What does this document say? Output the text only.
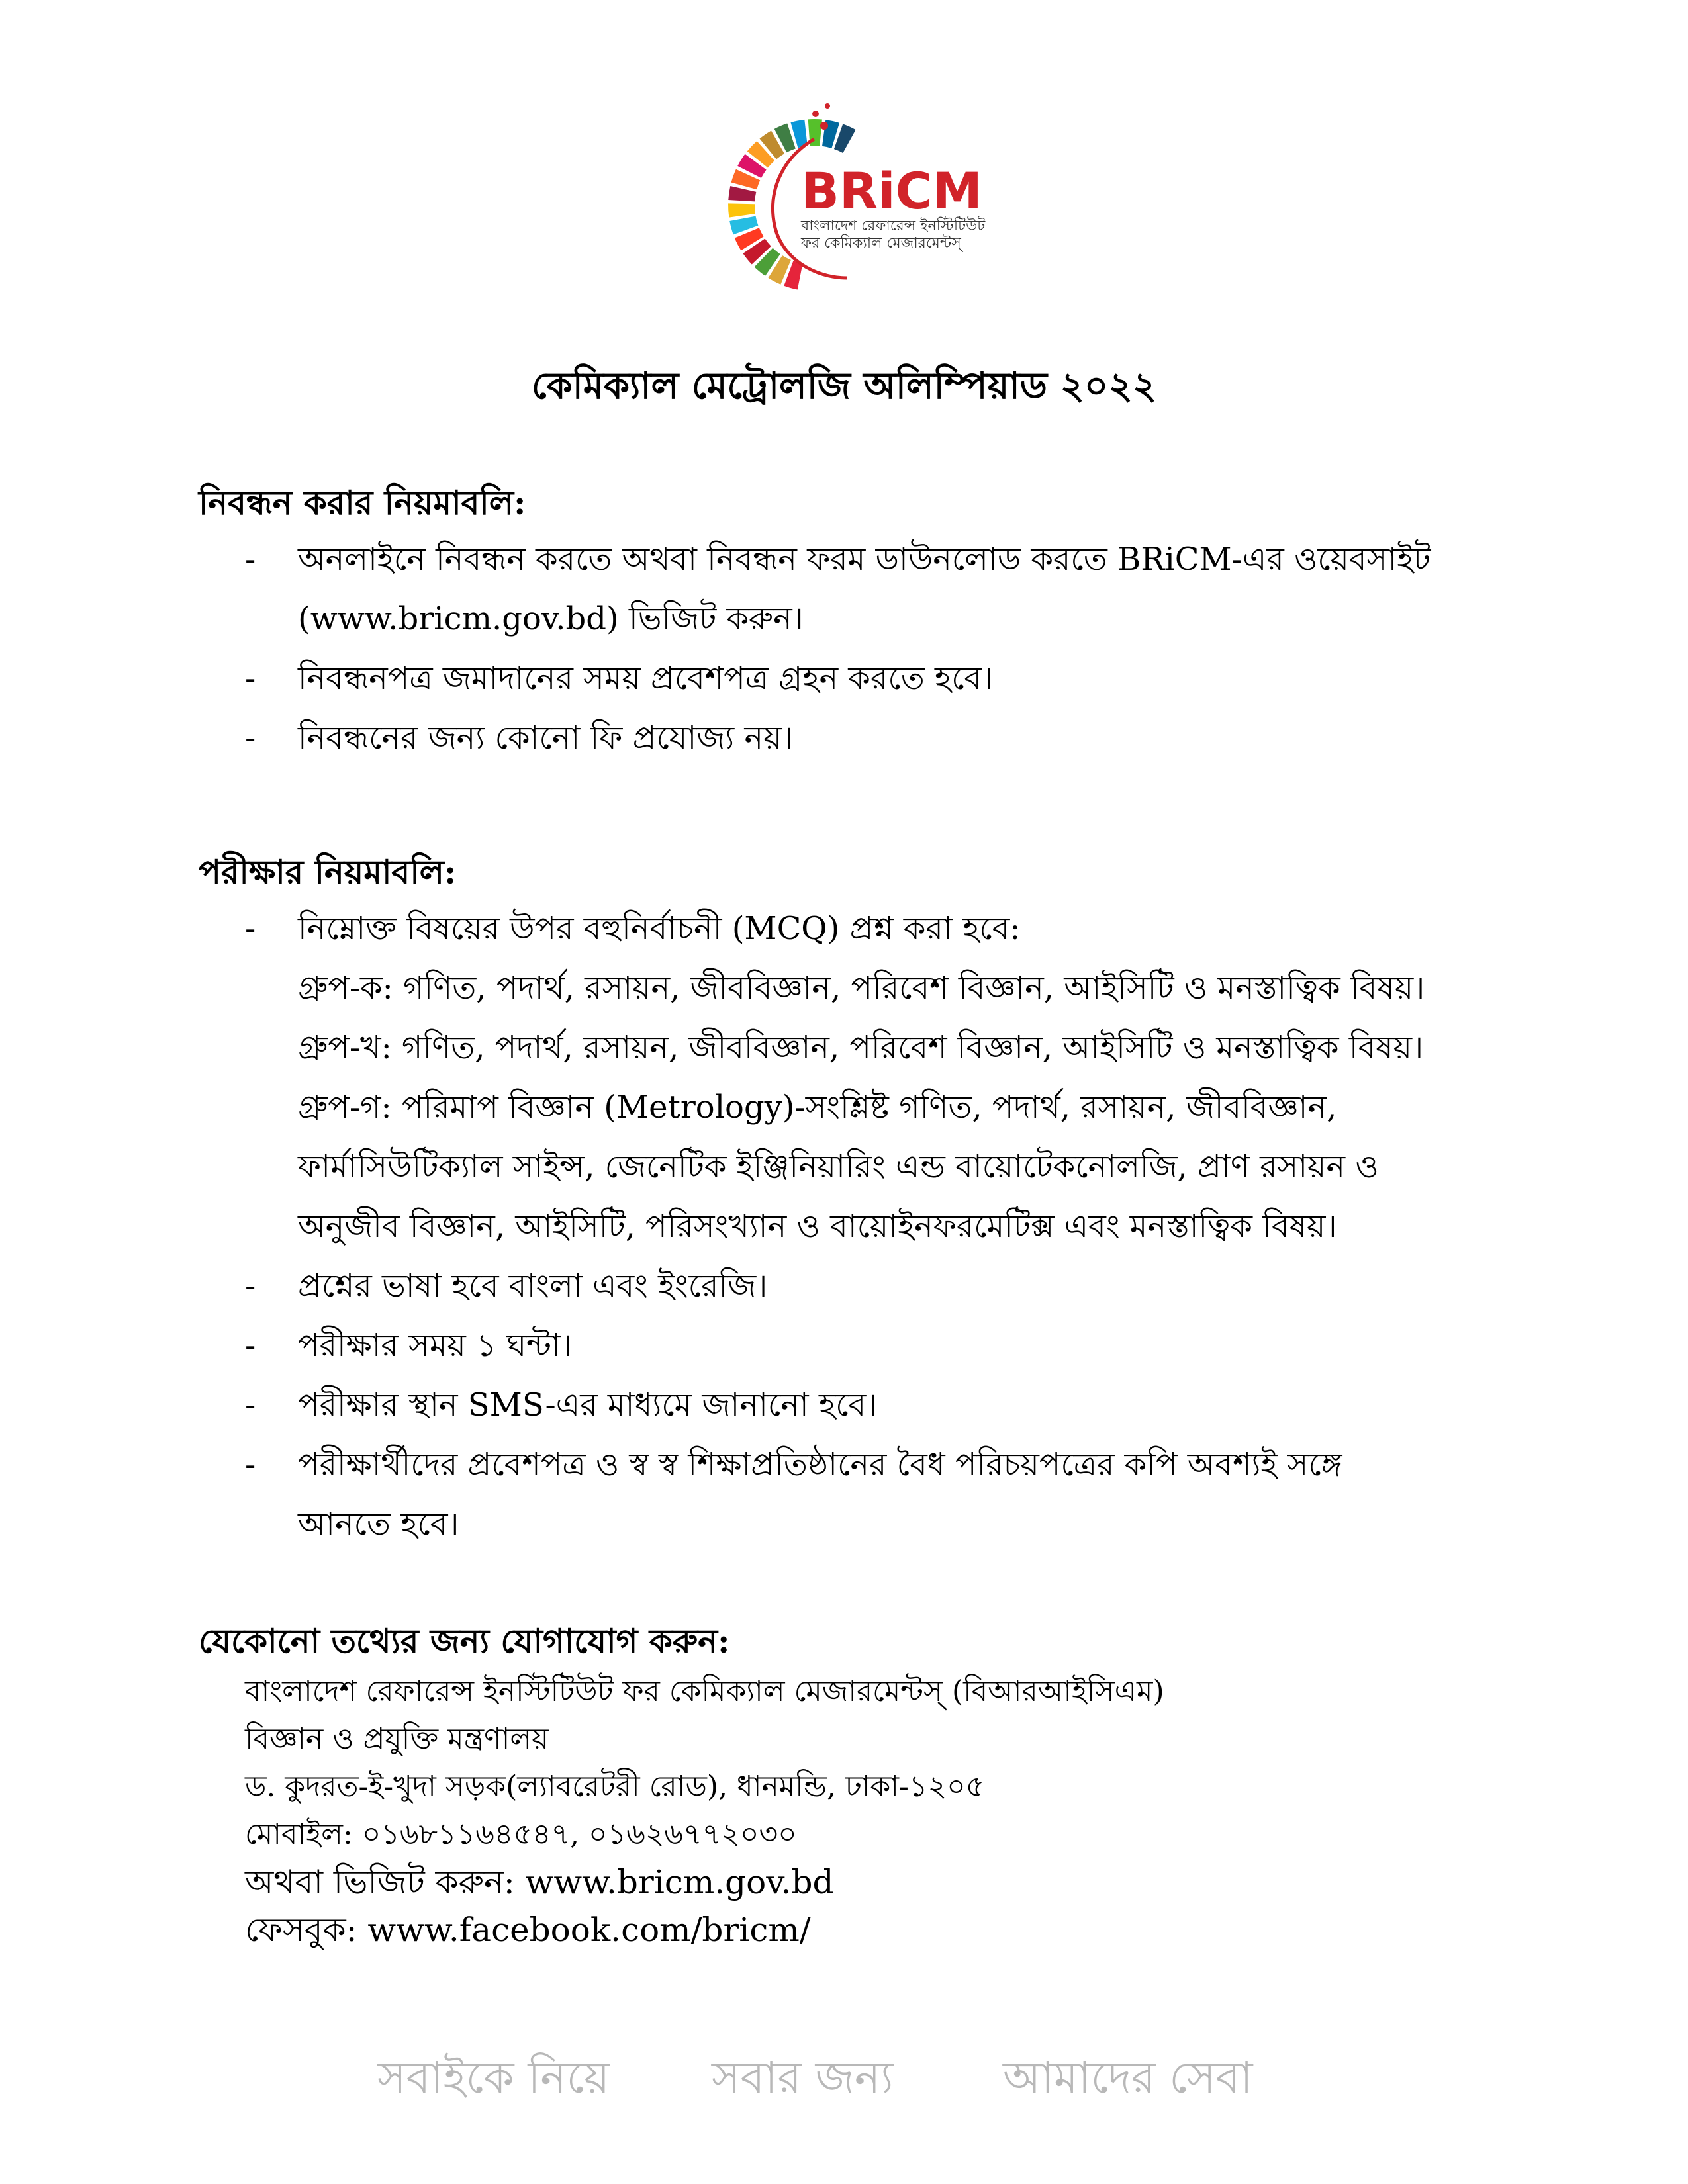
BRiCM
বাংলাদেশ রেফারেন্স ইনস্টিটিউট
ফর কেমিক্যাল মেজারমেন্টস্
কেমিক্যাল মেট্রোলজি অলিম্পিয়াড ২০২২
নিবন্ধন করার নিয়মাবলি:
- অনলাইনে নিবন্ধন করতে অথবা নিবন্ধন ফরম ডাউনলোড করতে BRiCM-এর ওয়েবসাইট
(www.bricm.gov.bd) ভিজিট করুন।
- নিবন্ধনপত্র জমাদানের সময় প্রবেশপত্র গ্রহন করতে হবে।
- নিবন্ধনের জন্য কোনো ফি প্রযোজ্য নয়।
পরীক্ষার নিয়মাবলি:
- নিম্নোক্ত বিষয়ের উপর বহুনির্বাচনী (MCQ) প্রশ্ন করা হবে:
গ্রুপ-ক: গণিত, পদার্থ, রসায়ন, জীববিজ্ঞান, পরিবেশ বিজ্ঞান, আইসিটি ও মনস্তাত্বিক বিষয়।
গ্রুপ-খ: গণিত, পদার্থ, রসায়ন, জীববিজ্ঞান, পরিবেশ বিজ্ঞান, আইসিটি ও মনস্তাত্বিক বিষয়।
গ্রুপ-গ: পরিমাপ বিজ্ঞান (Metrology)-সংশ্লিষ্ট গণিত, পদার্থ, রসায়ন, জীববিজ্ঞান,
ফার্মাসিউটিক্যাল সাইন্স, জেনেটিক ইঞ্জিনিয়ারিং এন্ড বায়োটেকনোলজি, প্রাণ রসায়ন ও
অনুজীব বিজ্ঞান, আইসিটি, পরিসংখ্যান ও বায়োইনফরমেটিক্স এবং মনস্তাত্বিক বিষয়।
- প্রশ্নের ভাষা হবে বাংলা এবং ইংরেজি।
- পরীক্ষার সময় ১ ঘন্টা।
- পরীক্ষার স্থান SMS-এর মাধ্যমে জানানো হবে।
- পরীক্ষার্থীদের প্রবেশপত্র ও স্ব স্ব শিক্ষাপ্রতিষ্ঠানের বৈধ পরিচয়পত্রের কপি অবশ্যই সঙ্গে
আনতে হবে।
যেকোনো তথ্যের জন্য যোগাযোগ করুন:
বাংলাদেশ রেফারেন্স ইনস্টিটিউট ফর কেমিক্যাল মেজারমেন্টস্ (বিআরআইসিএম)
বিজ্ঞান ও প্রযুক্তি মন্ত্রণালয়
ড. কুদরত-ই-খুদা সড়ক(ল্যাবরেটরী রোড), ধানমন্ডি, ঢাকা-১২০৫
মোবাইল: ০১৬৮১১৬৪৫৪৭, ০১৬২৬৭৭২০৩০
অথবা ভিজিট করুন: www.bricm.gov.bd
ফেসবুক: www.facebook.com/bricm/
সবাইকে নিয়ে সবার জন্য	আমাদের সেবা
